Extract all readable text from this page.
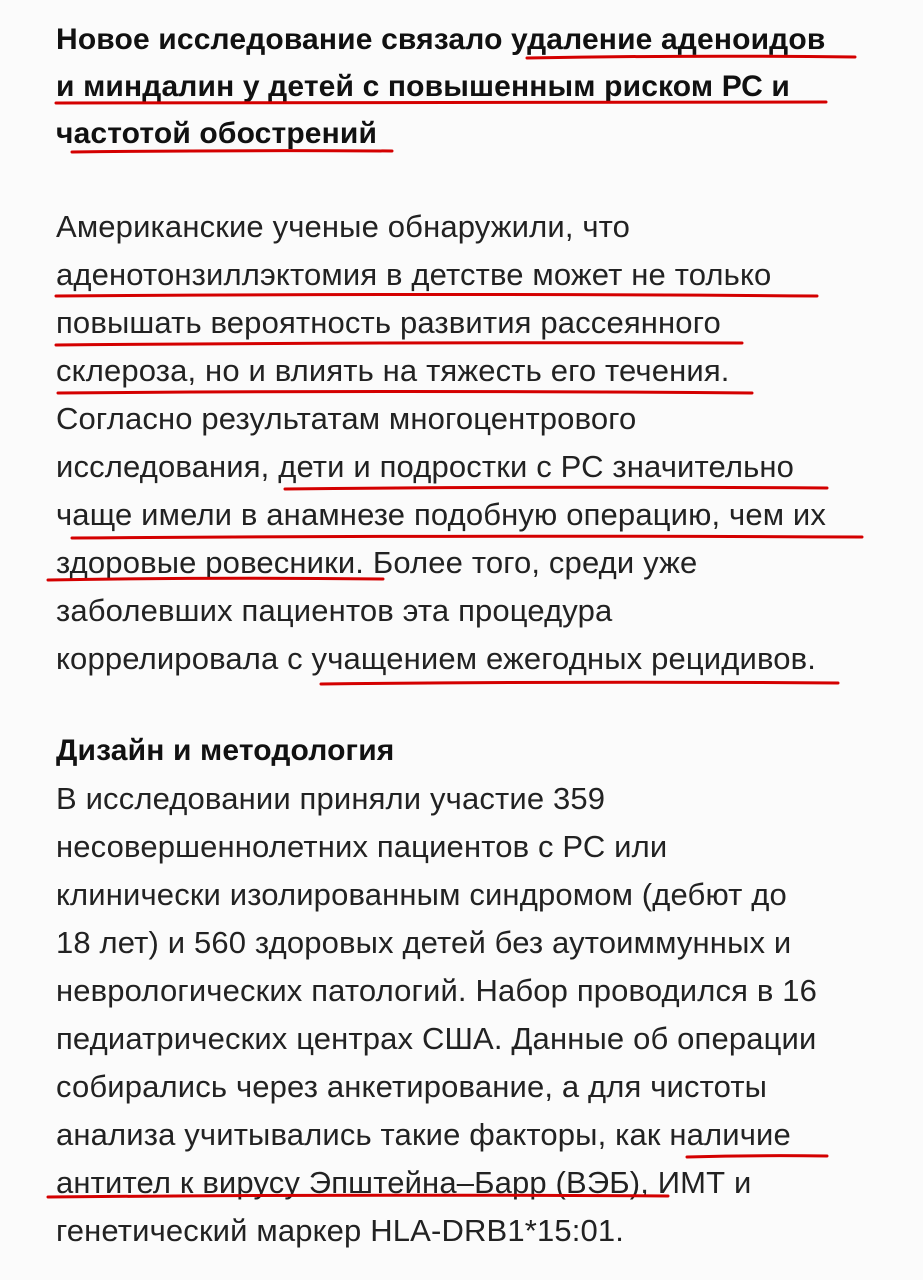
Новое исследование связало удаление аденоидов
и миндалин у детей с повышенным риском РС и
частотой обострений
Американские ученые обнаружили, что
аденотонзиллэктомия в детстве может не только
повышать вероятность развития рассеянного
склероза, но и влиять на тяжесть его течения.
Согласно результатам многоцентрового
исследования, дети и подростки с РС значительно
чаще имели в анамнезе подобную операцию, чем их
здоровые ровесники. Более того, среди уже
заболевших пациентов эта процедура
коррелировала с учащением ежегодных рецидивов.
Дизайн и методология
В исследовании приняли участие 359
несовершеннолетних пациентов с РС или
клинически изолированным синдромом (дебют до
18 лет) и 560 здоровых детей без аутоиммунных и
неврологических патологий. Набор проводился в 16
педиатрических центрах США. Данные об операции
собирались через анкетирование, а для чистоты
анализа учитывались такие факторы, как наличие
антител к вирусу Эпштейна–Барр (ВЭБ), ИМТ и
генетический маркер HLA-DRB1*15:01.
